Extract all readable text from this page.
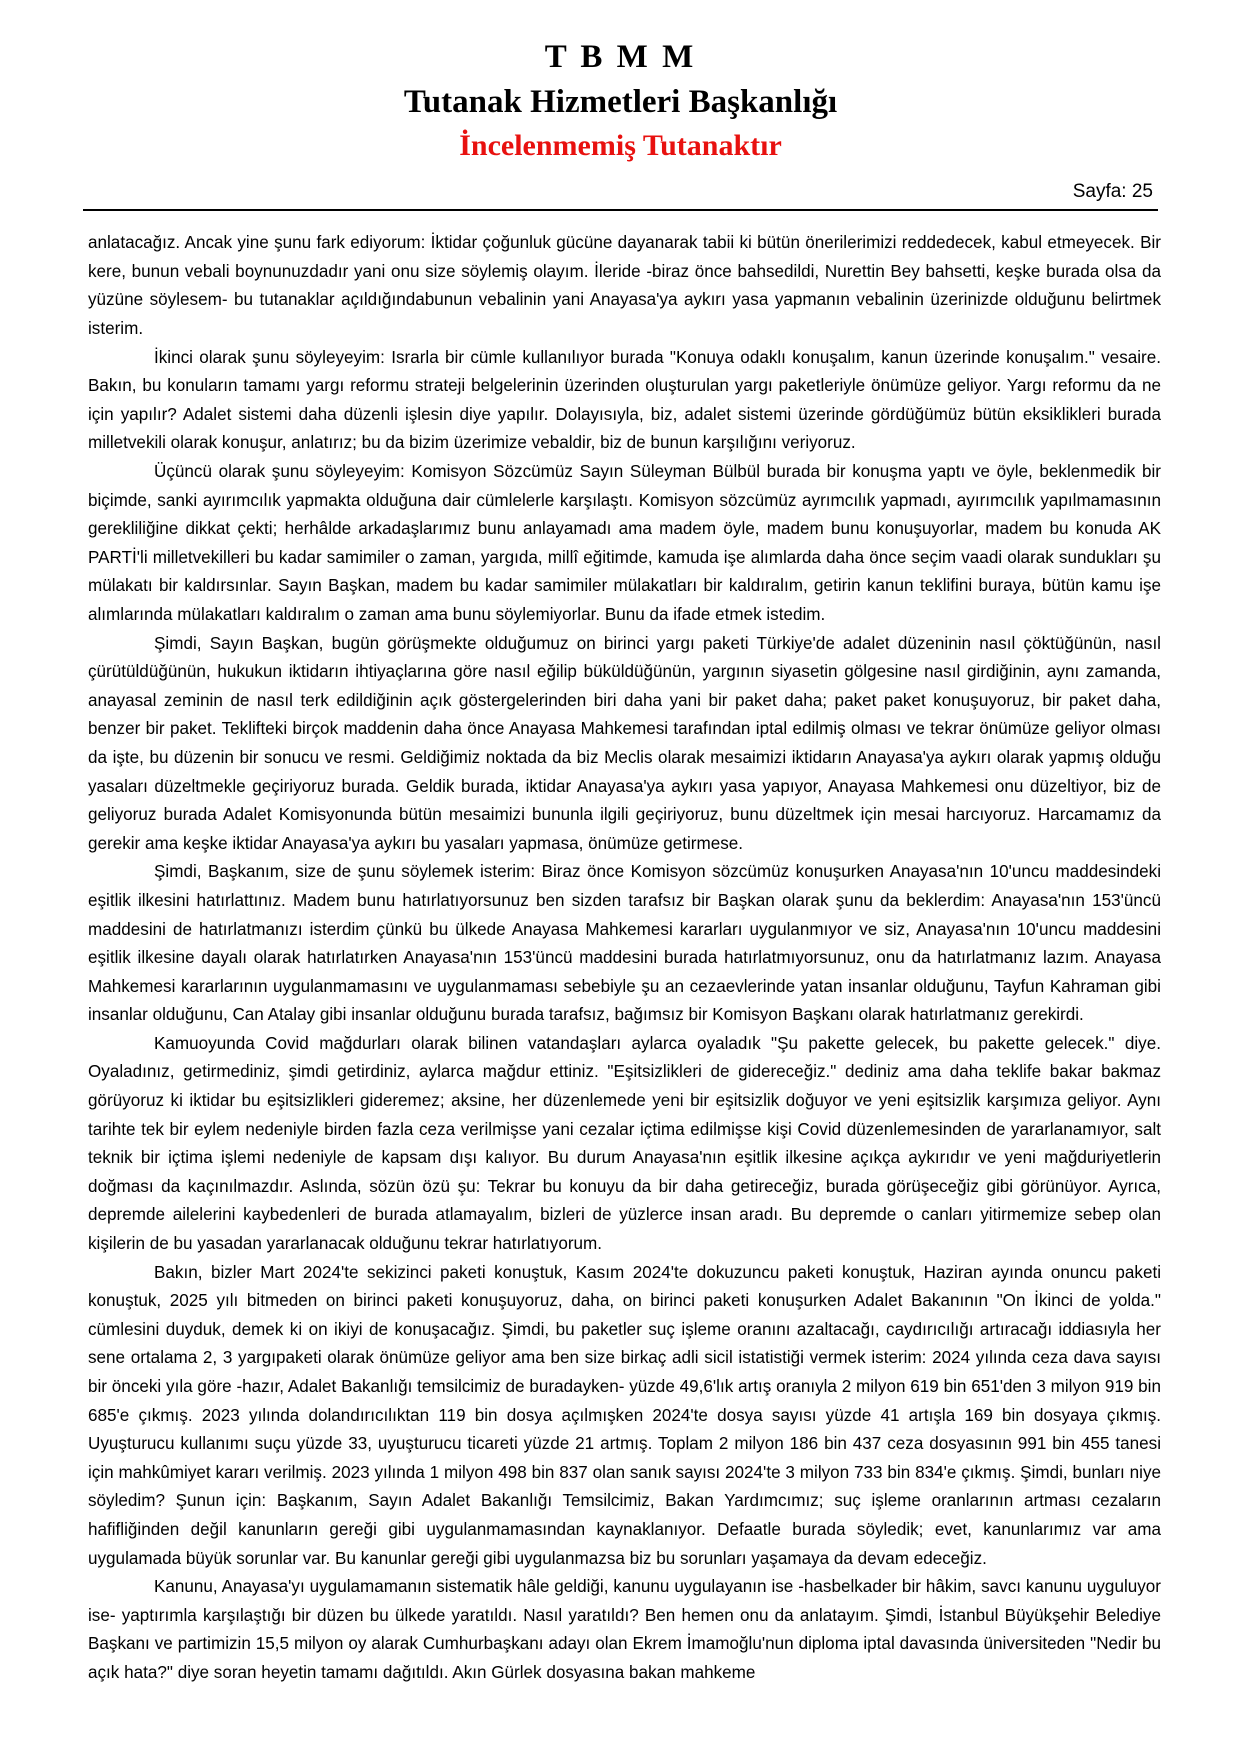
T B M M
Tutanak Hizmetleri Başkanlığı
İncelenmemiş Tutanaktır
Sayfa: 25

anlatacağız. Ancak yine şunu fark ediyorum: İktidar çoğunluk gücüne dayanarak tabii ki bütün önerilerimizi reddedecek, kabul etmeyecek. Bir kere, bunun vebali boynunuzdadır yani onu size söylemiş olayım. İleride -biraz önce bahsedildi, Nurettin Bey bahsetti, keşke burada olsa da yüzüne söylesem- bu tutanaklar açıldığındabunun vebalinin yani Anayasa'ya aykırı yasa yapmanın vebalinin üzerinizde olduğunu belirtmek isterim.

İkinci olarak şunu söyleyeyim: Israrla bir cümle kullanılıyor burada "Konuya odaklı konuşalım, kanun üzerinde konuşalım." vesaire. Bakın, bu konuların tamamı yargı reformu strateji belgelerinin üzerinden oluşturulan yargı paketleriyle önümüze geliyor. Yargı reformu da ne için yapılır? Adalet sistemi daha düzenli işlesin diye yapılır. Dolayısıyla, biz, adalet sistemi üzerinde gördüğümüz bütün eksiklikleri burada milletvekili olarak konuşur, anlatırız; bu da bizim üzerimize vebaldir, biz de bunun karşılığını veriyoruz.

Üçüncü olarak şunu söyleyeyim: Komisyon Sözcümüz Sayın Süleyman Bülbül burada bir konuşma yaptı ve öyle, beklenmedik bir biçimde, sanki ayırımcılık yapmakta olduğuna dair cümlelerle karşılaştı. Komisyon sözcümüz ayrımcılık yapmadı, ayırımcılık yapılmamasının gerekliliğine dikkat çekti; herhâlde arkadaşlarımız bunu anlayamadı ama madem öyle, madem bunu konuşuyorlar, madem bu konuda AK PARTİ'li milletvekilleri bu kadar samimiler o zaman, yargıda, millî eğitimde, kamuda işe alımlarda daha önce seçim vaadi olarak sundukları şu mülakatı bir kaldırsınlar. Sayın Başkan, madem bu kadar samimiler mülakatları bir kaldıralım, getirin kanun teklifini buraya, bütün kamu işe alımlarında mülakatları kaldıralım o zaman ama bunu söylemiyorlar. Bunu da ifade etmek istedim.

Şimdi, Sayın Başkan, bugün görüşmekte olduğumuz on birinci yargı paketi Türkiye'de adalet düzeninin nasıl çöktüğünün, nasıl çürütüldüğünün, hukukun iktidarın ihtiyaçlarına göre nasıl eğilip büküldüğünün, yargının siyasetin gölgesine nasıl girdiğinin, aynı zamanda, anayasal zeminin de nasıl terk edildiğinin açık göstergelerinden biri daha yani bir paket daha; paket paket konuşuyoruz, bir paket daha, benzer bir paket. Teklifteki birçok maddenin daha önce Anayasa Mahkemesi tarafından iptal edilmiş olması ve tekrar önümüze geliyor olması da işte, bu düzenin bir sonucu ve resmi. Geldiğimiz noktada da biz Meclis olarak mesaimizi iktidarın Anayasa'ya aykırı olarak yapmış olduğu yasaları düzeltmekle geçiriyoruz burada. Geldik burada, iktidar Anayasa'ya aykırı yasa yapıyor, Anayasa Mahkemesi onu düzeltiyor, biz de geliyoruz burada Adalet Komisyonunda bütün mesaimizi bununla ilgili geçiriyoruz, bunu düzeltmek için mesai harcıyoruz. Harcamamız da gerekir ama keşke iktidar Anayasa'ya aykırı bu yasaları yapmasa, önümüze getirmese.

Şimdi, Başkanım, size de şunu söylemek isterim: Biraz önce Komisyon sözcümüz konuşurken Anayasa'nın 10'uncu maddesindeki eşitlik ilkesini hatırlattınız. Madem bunu hatırlatıyorsunuz ben sizden tarafsız bir Başkan olarak şunu da beklerdim: Anayasa'nın 153'üncü maddesini de hatırlatmanızı isterdim çünkü bu ülkede Anayasa Mahkemesi kararları uygulanmıyor ve siz, Anayasa'nın 10'uncu maddesini eşitlik ilkesine dayalı olarak hatırlatırken Anayasa'nın 153'üncü maddesini burada hatırlatmıyorsunuz, onu da hatırlatmanız lazım. Anayasa Mahkemesi kararlarının uygulanmamasını ve uygulanmaması sebebiyle şu an cezaevlerinde yatan insanlar olduğunu, Tayfun Kahraman gibi insanlar olduğunu, Can Atalay gibi insanlar olduğunu burada tarafsız, bağımsız bir Komisyon Başkanı olarak hatırlatmanız gerekirdi.

Kamuoyunda Covid mağdurları olarak bilinen vatandaşları aylarca oyaladık "Şu pakette gelecek, bu pakette gelecek." diye. Oyaladınız, getirmediniz, şimdi getirdiniz, aylarca mağdur ettiniz. "Eşitsizlikleri de gidereceğiz." dediniz ama daha teklife bakar bakmaz görüyoruz ki iktidar bu eşitsizlikleri gideremez; aksine, her düzenlemede yeni bir eşitsizlik doğuyor ve yeni eşitsizlik karşımıza geliyor. Aynı tarihte tek bir eylem nedeniyle birden fazla ceza verilmişse yani cezalar içtima edilmişse kişi Covid düzenlemesinden de yararlanamıyor, salt teknik bir içtima işlemi nedeniyle de kapsam dışı kalıyor. Bu durum Anayasa'nın eşitlik ilkesine açıkça aykırıdır ve yeni mağduriyetlerin doğması da kaçınılmazdır. Aslında, sözün özü şu: Tekrar bu konuyu da bir daha getireceğiz, burada görüşeceğiz gibi görünüyor. Ayrıca, depremde ailelerini kaybedenleri de burada atlamayalım, bizleri de yüzlerce insan aradı. Bu depremde o canları yitirmemize sebep olan kişilerin de bu yasadan yararlanacak olduğunu tekrar hatırlatıyorum.

Bakın, bizler Mart 2024'te sekizinci paketi konuştuk, Kasım 2024'te dokuzuncu paketi konuştuk, Haziran ayında onuncu paketi konuştuk, 2025 yılı bitmeden on birinci paketi konuşuyoruz, daha, on birinci paketi konuşurken Adalet Bakanının "On İkinci de yolda." cümlesini duyduk, demek ki on ikiyi de konuşacağız. Şimdi, bu paketler suç işleme oranını azaltacağı, caydırıcılığı artıracağı iddiasıyla her sene ortalama 2, 3 yargıpaketi olarak önümüze geliyor ama ben size birkaç adli sicil istatistiği vermek isterim: 2024 yılında ceza dava sayısı bir önceki yıla göre -hazır, Adalet Bakanlığı temsilcimiz de buradayken- yüzde 49,6'lık artış oranıyla 2 milyon 619 bin 651'den 3 milyon 919 bin 685'e çıkmış. 2023 yılında dolandırıcılıktan 119 bin dosya açılmışken 2024'te dosya sayısı yüzde 41 artışla 169 bin dosyaya çıkmış. Uyuşturucu kullanımı suçu yüzde 33, uyuşturucu ticareti yüzde 21 artmış. Toplam 2 milyon 186 bin 437 ceza dosyasının 991 bin 455 tanesi için mahkûmiyet kararı verilmiş. 2023 yılında 1 milyon 498 bin 837 olan sanık sayısı 2024'te 3 milyon 733 bin 834'e çıkmış. Şimdi, bunları niye söyledim? Şunun için: Başkanım, Sayın Adalet Bakanlığı Temsilcimiz, Bakan Yardımcımız; suç işleme oranlarının artması cezaların hafifliğinden değil kanunların gereği gibi uygulanmamasından kaynaklanıyor. Defaatle burada söyledik; evet, kanunlarımız var ama uygulamada büyük sorunlar var. Bu kanunlar gereği gibi uygulanmazsa biz bu sorunları yaşamaya da devam edeceğiz.

Kanunu, Anayasa'yı uygulamamanın sistematik hâle geldiği, kanunu uygulayanın ise -hasbelkader bir hâkim, savcı kanunu uyguluyor ise- yaptırımla karşılaştığı bir düzen bu ülkede yaratıldı. Nasıl yaratıldı? Ben hemen onu da anlatayım. Şimdi, İstanbul Büyükşehir Belediye Başkanı ve partimizin 15,5 milyon oy alarak Cumhurbaşkanı adayı olan Ekrem İmamoğlu'nun diploma iptal davasında üniversiteden "Nedir bu açık hata?" diye soran heyetin tamamı dağıtıldı. Akın Gürlek dosyasına bakan mahkeme
